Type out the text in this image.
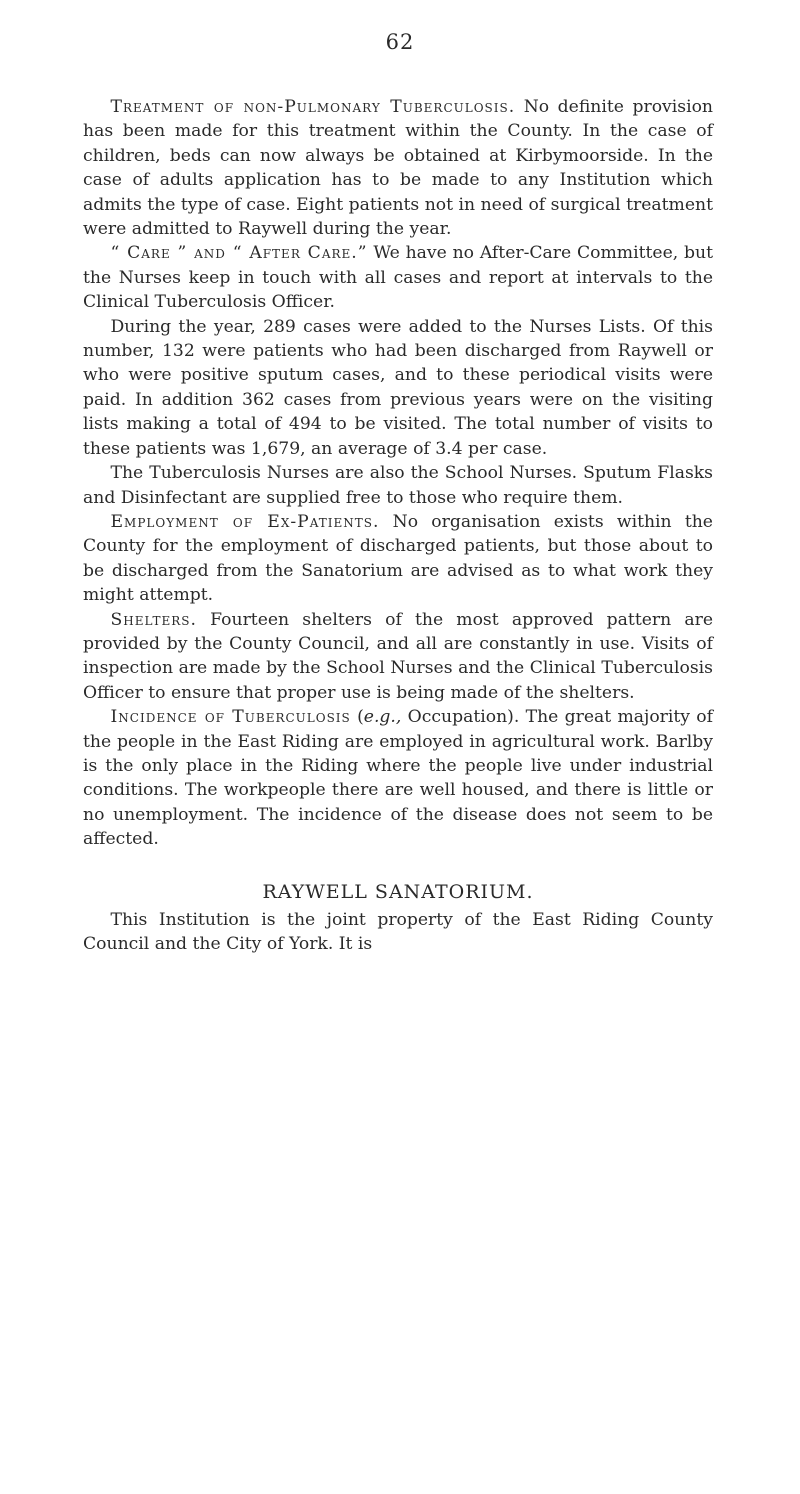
62

Treatment of non-Pulmonary Tuberculosis. No definite provision has been made for this treatment within the County. In the case of children, beds can now always be obtained at Kirbymoorside. In the case of adults application has to be made to any Institution which admits the type of case. Eight patients not in need of surgical treatment were admitted to Raywell during the year.

“ Care ” and “ After Care.” We have no After-Care Committee, but the Nurses keep in touch with all cases and report at intervals to the Clinical Tuberculosis Officer.

During the year, 289 cases were added to the Nurses Lists. Of this number, 132 were patients who had been discharged from Raywell or who were positive sputum cases, and to these periodical visits were paid. In addition 362 cases from previous years were on the visiting lists making a total of 494 to be visited. The total number of visits to these patients was 1,679, an average of 3.4 per case.

The Tuberculosis Nurses are also the School Nurses. Sputum Flasks and Disinfectant are supplied free to those who require them.

Employment of Ex-Patients. No organisation exists within the County for the employment of discharged patients, but those about to be discharged from the Sanatorium are advised as to what work they might attempt.

Shelters. Fourteen shelters of the most approved pattern are provided by the County Council, and all are constantly in use. Visits of inspection are made by the School Nurses and the Clinical Tuberculosis Officer to ensure that proper use is being made of the shelters.

Incidence of Tuberculosis (e.g., Occupation). The great majority of the people in the East Riding are employed in agricultural work. Barlby is the only place in the Riding where the people live under industrial conditions. The workpeople there are well housed, and there is little or no unemployment. The incidence of the disease does not seem to be affected.

RAYWELL SANATORIUM.

This Institution is the joint property of the East Riding County Council and the City of York. It is
